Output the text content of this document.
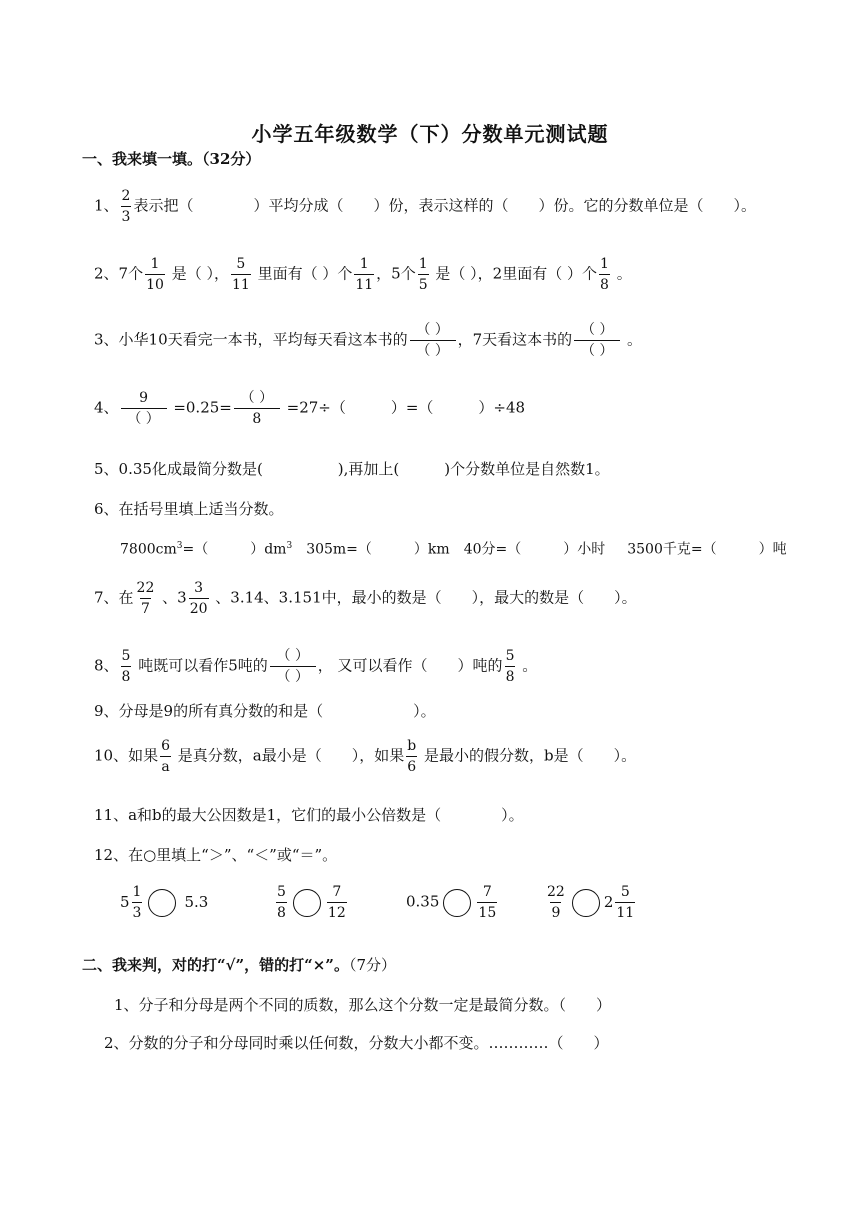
小学五年级数学（下）分数单元测试题
一、我来填一填。（32分）
1、 $\frac{2}{3}$ 表示把（　　　　）平均分成（　　）份，表示这样的（　　）份。它的分数单位是（　　）。
2、7个 $\frac{1}{10}$ 是（ ）， $\frac{5}{11}$ 里面有（ ）个 $\frac{1}{11}$ ，5个 $\frac{1}{5}$ 是（ ），2里面有（ ）个 $\frac{1}{8}$ 。
3、小华10天看完一本书，平均每天看这本书的 $\frac{( )}{( )}$ ，7天看这本书的 $\frac{( )}{( )}$ 。
4、 $\frac{9}{( )} =0.25= \frac{( )}{8} =27\div$（　　　）=（　　　）÷48
5、0.35化成最简分数是(　　　　　),再加上(　　　)个分数单位是自然数1。
6、在括号里填上适当分数。
$7800cm^3=$（　　　）$dm^3$ 305m=（　　　）km 40分=（　　　）小时 3500千克=（　　　）吨
7、在 $\frac{22}{7}$ 、$3 \frac{3}{20}$ 、3.14、3.151中，最小的数是（　　），最大的数是（　　）。
8、 $\frac{5}{8}$ 吨既可以看作5吨的 $\frac{( )}{( )}$ ， 又可以看作（　　）吨的 $\frac{5}{8}$ 。
9、分母是9的所有真分数的和是（　　　　　　）。
10、如果 $\frac{6}{a}$ 是真分数，a最小是（　　），如果 $\frac{b}{6}$ 是最小的假分数，b是（　　）。
11、a和b的最大公因数是1，它们的最小公倍数是（　　　　）。
12、在○里填上“＞”、“＜”或“＝”。
$5 \frac{1}{3}$	5.3	$\frac{5}{8}$	$\frac{7}{12}$	0.35	$\frac{7}{15}$	$\frac{22}{9}$	$2 \frac{5}{11}$
二、我来判，对的打“√”，错的打“×”。（7分）
1、分子和分母是两个不同的质数，那么这个分数一定是最简分数。（　　）
2、分数的分子和分母同时乘以任何数，分数大小都不变。…………（　　）
